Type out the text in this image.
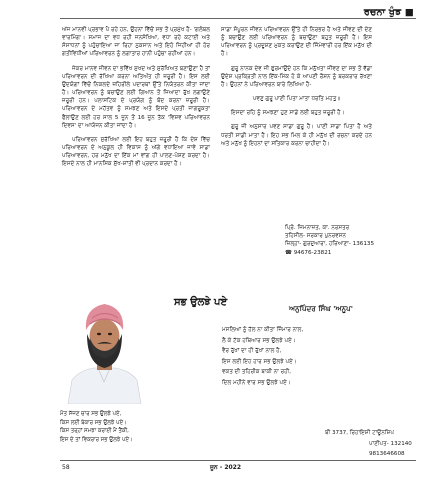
ਰਚਨਾ ਖੁੰਝ ■

ਅੱਜ ਮਾਨਵੀ ਪ੍ਰਭਾਵ ਪੈ ਰਹੇ ਹਨ, ਉਹਨਾਂ ਵਿੱਚੋਂ ਸਭ ਤੋਂ ਪ੍ਰਮੁੱਖ ਹੈ- 'ਗਲੋਬਲ ਵਾਰਮਿੰਗ'। ਸਮਾਜ ਦਾ ਵਧ ਰਹੀ ਜਨਸੰਖਿਆ, ਵਧਾ ਰਹੇ ਕਟਾਈ ਅਤੇ ਸੰਸਾਧਨਾਂ ਨੂੰ ਪਹੁੰਚਾਇਆ ਜਾ ਰਿਹਾ ਨੁਕਸਾਨ ਅਤੇ ਇਹੋ ਜਿਹੀਆਂ ਹੀ ਹੋਰ ਗਤੀਵਿਧੀਆਂ ਪਰਿਆਵਰਨ ਨੂੰ ਲਗਾਤਾਰ ਹਾਨੀ ਪਹੁੰਚਾ ਰਹੀਆਂ ਹਨ।

ਜੇਕਰ ਮਾਨਵ ਜੀਵਨ ਦਾ ਭਵਿੱਖ ਸੁਖਦ ਅਤੇ ਸੁਰੱਖਿਅਤ ਬਣਾਉਣਾ ਹੈ ਤਾਂ ਪਰਿਆਵਰਨ ਦੀ ਰੱਖਿਆ ਕਰਨਾ ਅਤਿਅੰਤ ਹੀ ਜ਼ਰੂਰੀ ਹੈ। ਇਸ ਲਈ ਉਦਯੋਗਾਂ ਵਿੱਚੋਂ ਨਿਕਲਦੇ ਜ਼ਹਿਰੀਲੇ ਪਦਾਰਥਾਂ ਉੱਤੇ ਨਿਯੰਤਰਨ ਕੀਤਾ ਜਾਂਦਾ ਹੈ। ਪਰਿਆਵਰਨ ਨੂੰ ਬਚਾਉਣ ਲਈ ਗਿਆਨ ਤੋਂ ਜਿਆਦਾ ਰੁੱਖ ਲਗਾਉਣੇ ਜ਼ਰੂਰੀ ਹਨ। ਪਲਾਸਟਿਕ ਦੇ ਪ੍ਰਯੋਗ ਨੂੰ ਬੰਦ ਕਰਨਾ ਜ਼ਰੂਰੀ ਹੈ। ਪਰਿਆਵਰਨ ਦੇ ਮਹੱਤਵ ਨੂੰ ਸਮਝਣ ਅਤੇ ਇਸਦੇ ਪ੍ਰਤੀ ਜਾਗਰੂਕਤਾ ਫੈਲਾਉਣ ਲਈ ਹਰ ਸਾਲ 5 ਜੂਨ ਤੋਂ 16 ਜੂਨ ਤੱਕ 'ਵਿਸ਼ਵ ਪਰਿਆਵਰਨ ਦਿਵਸ' ਦਾ ਆਯੋਜਨ ਕੀਤਾ ਜਾਂਦਾ ਹੈ।

ਪਰਿਆਵਰਨ ਸੁਰੱਖਿਆ ਲਈ ਇਹ ਬਹੁਤ ਜ਼ਰੂਰੀ ਹੈ ਕਿ ਦੇਸ਼ ਵਿੱਚ ਪਰਿਆਵਰਨ ਦੇ ਅਨੁਕੂਲ ਹੀ ਵਿਕਾਸ ਨੂੰ ਅੱਗੇ ਵਧਾਇਆ ਜਾਵੇ ਸਾਡਾ ਪਰਿਆਵਰਨ, ਹਰ ਮਨੁੱਖ ਦਾ ਇੱਕ ਮਾਂ ਵਾਂਗ ਹੀ ਪਾਲਣ-ਪੋਸ਼ਣ ਕਰਦਾ ਹੈ। ਇਸਦੇ ਨਾਲ ਹੀ ਮਾਨਸਿਕ ਸੁੱਖ-ਸ਼ਾਂਤੀ ਵੀ ਪ੍ਰਦਾਨ ਕਰਦਾ ਹੈ।

ਸਾਡਾ ਸੰਪੂਰਨ ਜੀਵਨ ਪਰਿਆਵਰਨ ਉੱਤੇ ਹੀ ਨਿਰਭਰ ਹੈ ਅਤੇ ਜੀਵਣ ਦੀ ਦੇਣ ਨੂੰ ਬਚਾਉਣ ਲਈ ਪਰਿਆਵਰਨ ਨੂੰ ਬਚਾਉਣਾ ਬਹੁਤ ਜ਼ਰੂਰੀ ਹੈ। ਇਸ ਪਰਿਆਵਰਨ ਨੂੰ ਪ੍ਰਦੂਸ਼ਣ ਮੁਕਤ ਕਰਾਉਣ ਦੀ ਜਿੰਮੇਵਾਰੀ ਹਰ ਇੱਕ ਮਨੁੱਖ ਦੀ ਹੈ।

ਗੁਰੂ ਨਾਨਕ ਦੇਵ ਜੀ ਫੁਰਮਾਉਂਦੇ ਹਨ ਕਿ ਮਨੁੱਖਤਾ ਜੀਵਣ ਦਾ ਸਭ ਤੋਂ ਵੱਡਾ ਉਦੇਸ਼ ਪ੍ਰਕ੍ਰਿਤੀ ਨਾਲ ਇੱਕ-ਮਿੱਕ ਹੋ ਕੇ ਆਪਣੀ ਰੌਸ਼ਨ ਨੂੰ ਬਰਕਰਾਰ ਰੱਖਣਾ ਹੈ। ਉਹਨਾਂ ਨੇ ਪਰਿਆਵਰਨ ਬਾਰੇ ਲਿਖਿਆ ਹੈ-

ਪਵਣੁ ਗੁਰੂ ਪਾਣੀ ਪਿਤਾ ਮਾਤਾ ਧਰਤਿ ਮਹਤੁ॥

ਇਸਦਾ ਰਹਿ ਨੂੰ ਸਮਝਣਾ ਹੁਣ ਸਾਡੇ ਲਈ ਬਹੁਤ ਜ਼ਰੂਰੀ ਹੈ।

ਗੁਰੂ ਜੀ ਅਨੁਸਾਰ ਪਵਣ ਸਾਡਾ ਗੁਰੂ ਹੈ। ਪਾਣੀ ਸਾਡਾ ਪਿਤਾ ਹੈ ਅਤੇ ਧਰਤੀ ਸਾਡੀ ਮਾਤਾ ਹੈ। ਇਹ ਸਭ ਮਿਲ ਕੇ ਹੀ ਮਨੁੱਖ ਦੀ ਰਚਨਾ ਕਰਦੇ ਹਨ ਅਤੇ ਮਨੁੱਖ ਨੂੰ ਇਹਨਾਂ ਦਾ ਸਤਿਕਾਰ ਕਰਨਾ ਚਾਹੀਦਾ ਹੈ।

ਪ੍ਰਿੰ. ਜਿਮਨਾਜ਼ਤ, ਕਾ. ਨਰਸਤਰ
ਤਹਿਸੀਲ- ਸਰਕਾਰ ਪੁਨਰਵਸਨ
ਜ਼ਿਲ੍ਹਾ- ਗੁਰਦੁਆਰਾ, ਹਰਿਆਣਾ- 136135
☎ 94676-23821
ਸਭ ਉਲਝੇ ਪਏ
ਅਨੁਪਿੰਦਰ ਸਿੰਘ 'ਅਨੂਪ'
ਮਸਲਿਆਂ ਨੂੰ ਹੱਲ ਨਾ ਕੀਤਾ ਜਿੰਮਾਰ ਨਾਲ,
ਲੈ ਕੇ ਟੱਕ ਹਥਿਆਰ ਸਭ ਉਲਝੇ ਪਏ।
ਵੈਰ ਰੁੱਖਾਂ ਦਾ ਹੀ ਰੁੱਖਾਂ ਨਾਲ ਹੈ,
ਇਸ ਲਈ ਇਹ ਹਾਰ ਸਭ ਉਲਝੇ ਪਏ।
ਵਕਤ ਦੀ ਤਹਿਰੀਕ ਬਾਕੀ ਨਾ ਰਹੀ,
ਦਿਲ ਮਹੀਨੇ ਵਾਰ ਸਭ ਉਲਝੇ ਪਏ।
ਮੌਤ ਸੱਜਣ ਚਾਰ ਸਭ ਉਲਝੇ ਪਏ,
ਕਿਸ ਲਈ ਬੇਕਾਰ ਸਭ ਉਲਝੇ ਪਏ।
ਕਿਸ ਤਰ੍ਹਾਂ ਸਮਝਾ ਕਰਾਈ ਮੈਂ ਤੈਂਕੀ,
ਇਸ ਦੇ ਤਾਂ ਵਿਕਰਾਰ ਸਭ ਉਲਝੇ ਪਏ।
ਬੀ 3737, ਰਿਹਾਇਸ਼ੀ ਟਾਊਨਸ਼ਿਪ
ਪਾਣੀਪਤ- 132140
9813646608
58	ਜੂਨ - 2022
